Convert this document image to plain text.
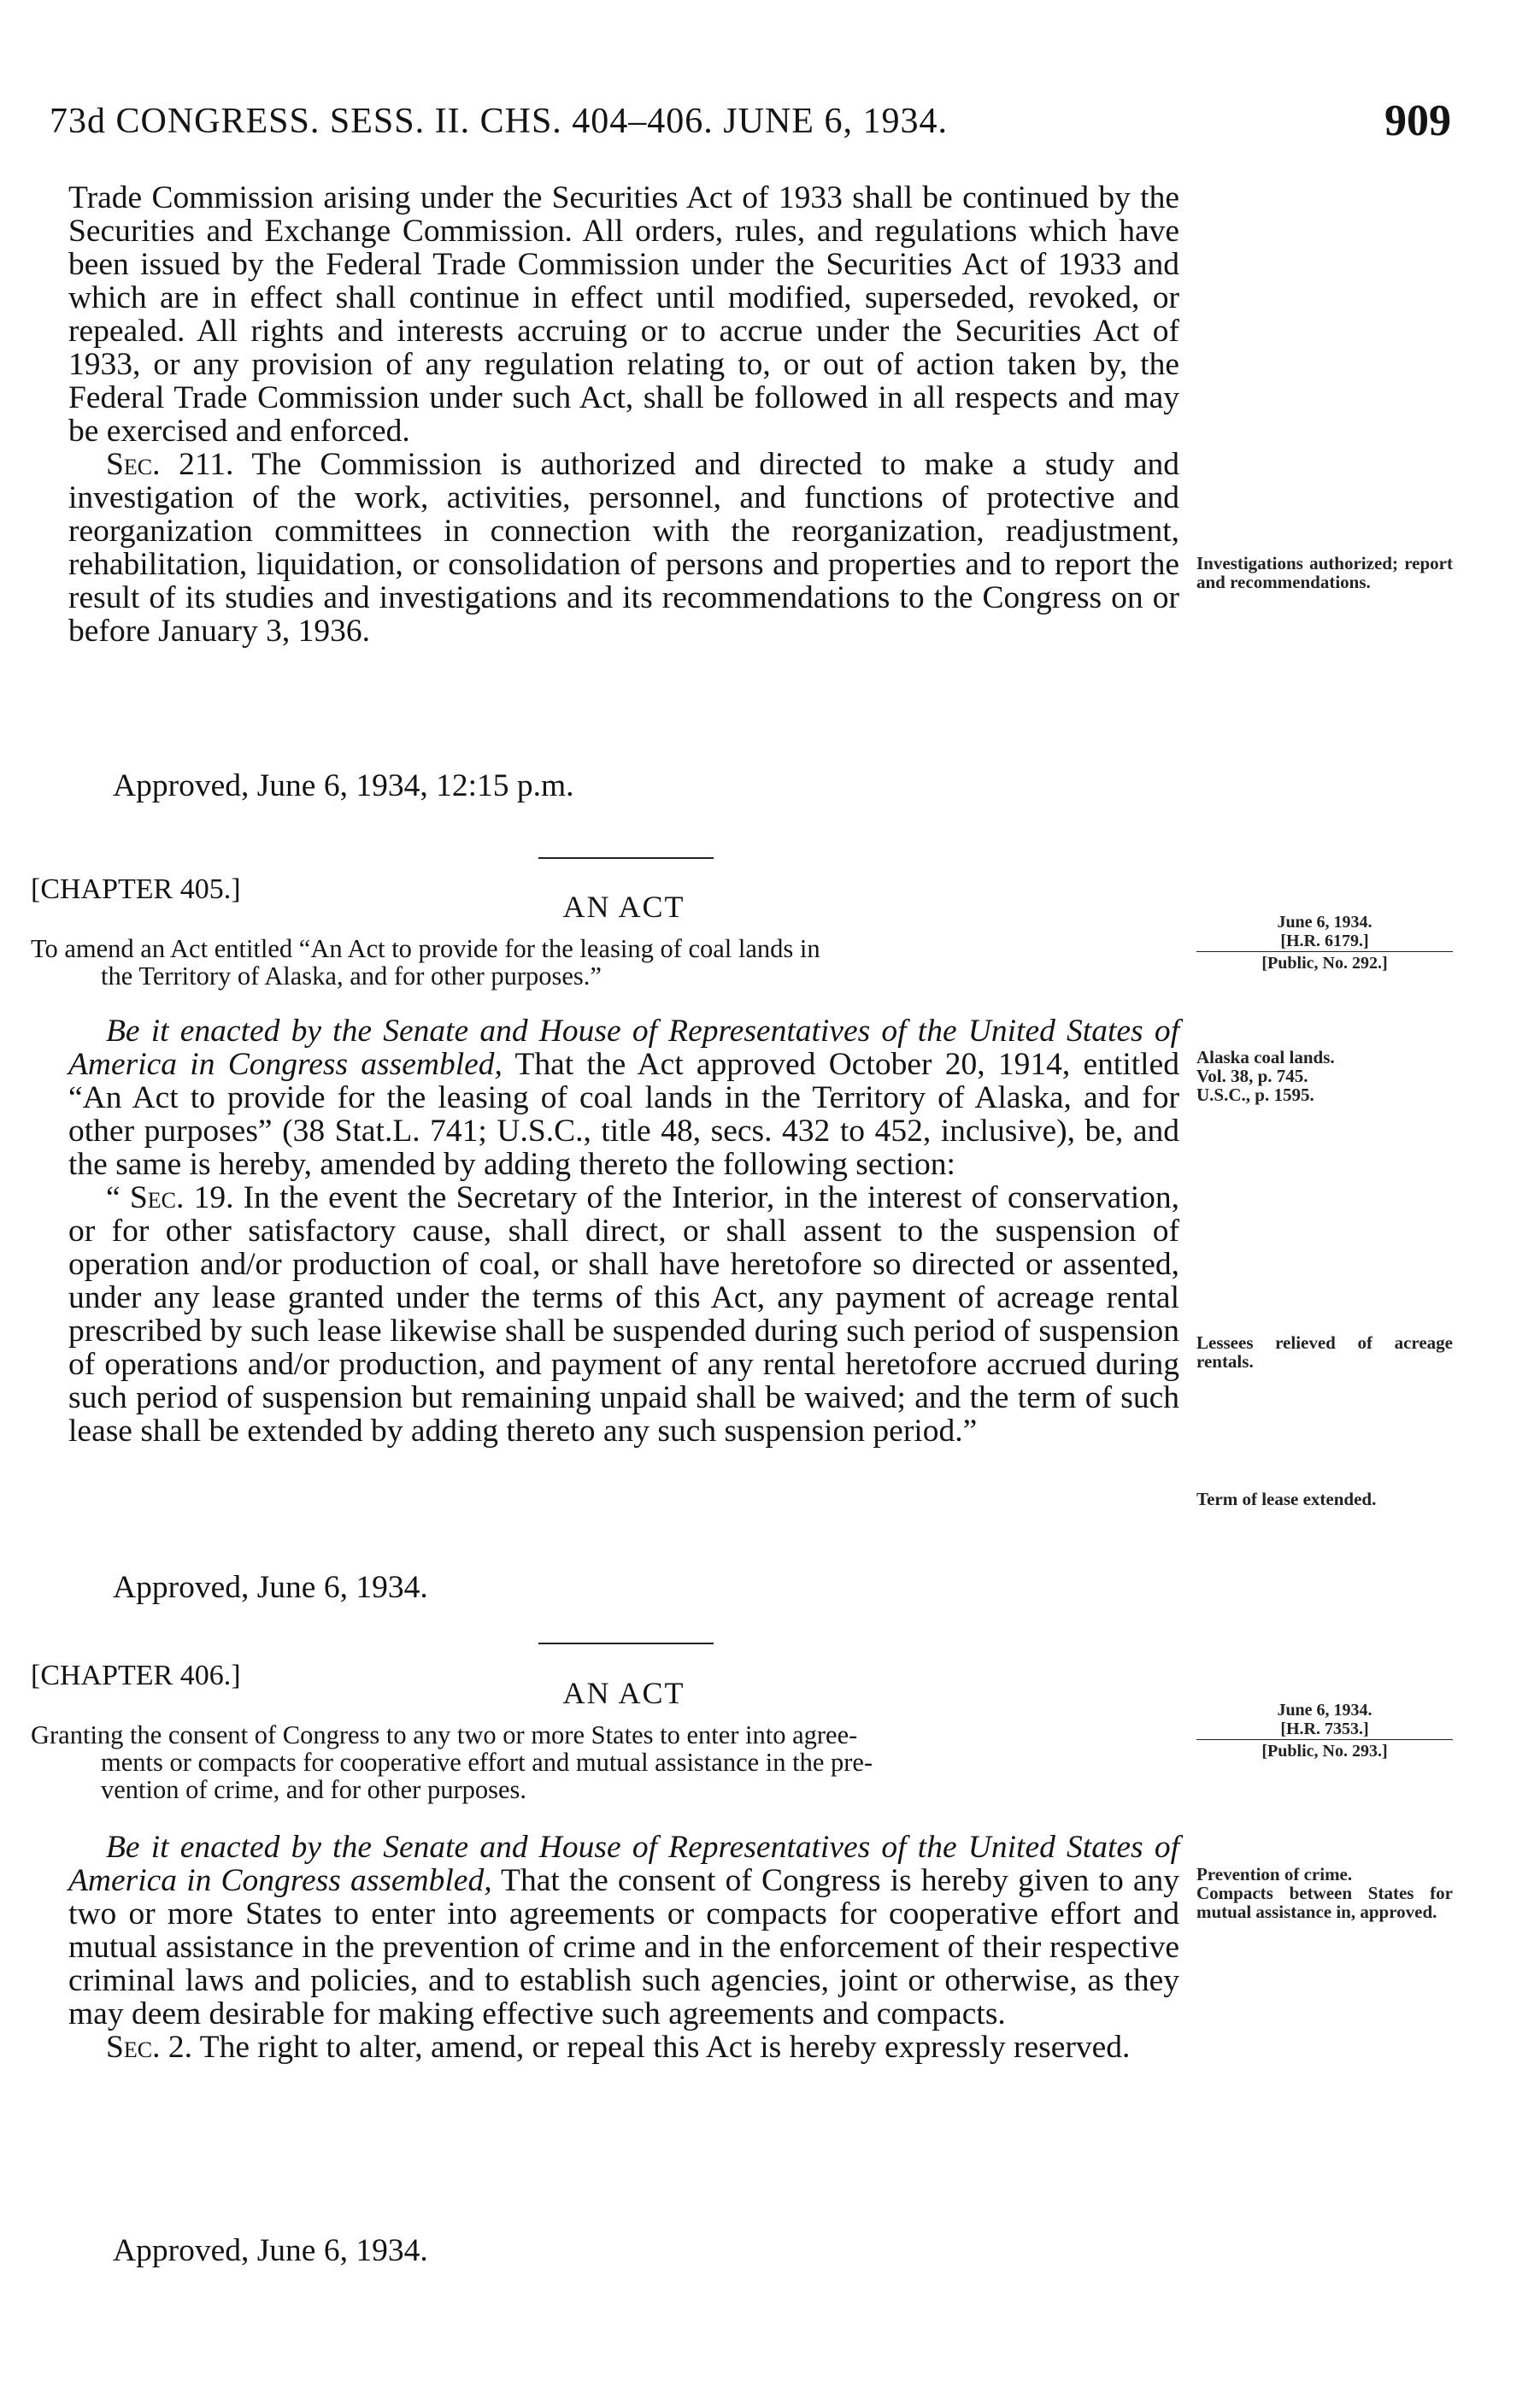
73d CONGRESS. SESS. II. CHS. 404–406. JUNE 6, 1934.	909

Trade Commission arising under the Securities Act of 1933 shall be continued by the Securities and Exchange Commission. All orders, rules, and regulations which have been issued by the Federal Trade Commission under the Securities Act of 1933 and which are in effect shall continue in effect until modified, superseded, revoked, or repealed. All rights and interests accruing or to accrue under the Securities Act of 1933, or any provision of any regulation relating to, or out of action taken by, the Federal Trade Commission under such Act, shall be followed in all respects and may be exercised and enforced.

Sec. 211. The Commission is authorized and directed to make a study and investigation of the work, activities, personnel, and functions of protective and reorganization committees in connection with the reorganization, readjustment, rehabilitation, liquidation, or consolidation of persons and properties and to report the result of its studies and investigations and its recommendations to the Congress on or before January 3, 1936.

Approved, June 6, 1934, 12:15 p.m.
Investigations authorized; report and recommendations.
[CHAPTER 405.]
AN ACT
To amend an Act entitled “An Act to provide for the leasing of coal lands in
the Territory of Alaska, and for other purposes.”
June 6, 1934.
[H.R. 6179.]
[Public, No. 292.]

Be it enacted by the Senate and House of Representatives of the United States of America in Congress assembled, That the Act approved October 20, 1914, entitled “An Act to provide for the leasing of coal lands in the Territory of Alaska, and for other purposes” (38 Stat.L. 741; U.S.C., title 48, secs. 432 to 452, inclusive), be, and the same is hereby, amended by adding thereto the following section:

“ Sec. 19. In the event the Secretary of the Interior, in the interest of conservation, or for other satisfactory cause, shall direct, or shall assent to the suspension of operation and/or production of coal, or shall have heretofore so directed or assented, under any lease granted under the terms of this Act, any payment of acreage rental prescribed by such lease likewise shall be suspended during such period of suspension of operations and/or production, and payment of any rental heretofore accrued during such period of suspension but remaining unpaid shall be waived; and the term of such lease shall be extended by adding thereto any such suspension period.”

Approved, June 6, 1934.
Alaska coal lands.
Vol. 38, p. 745.
U.S.C., p. 1595.
Lessees relieved of acreage rentals.
Term of lease extended.
[CHAPTER 406.]
AN ACT
Granting the consent of Congress to any two or more States to enter into agree-
ments or compacts for cooperative effort and mutual assistance in the pre-
vention of crime, and for other purposes.
June 6, 1934.
[H.R. 7353.]
[Public, No. 293.]

Be it enacted by the Senate and House of Representatives of the United States of America in Congress assembled, That the consent of Congress is hereby given to any two or more States to enter into agreements or compacts for cooperative effort and mutual assistance in the prevention of crime and in the enforcement of their respective criminal laws and policies, and to establish such agencies, joint or otherwise, as they may deem desirable for making effective such agreements and compacts.

Sec. 2. The right to alter, amend, or repeal this Act is hereby expressly reserved.

Approved, June 6, 1934.
Prevention of crime.
Compacts between States for mutual assistance in, approved.
